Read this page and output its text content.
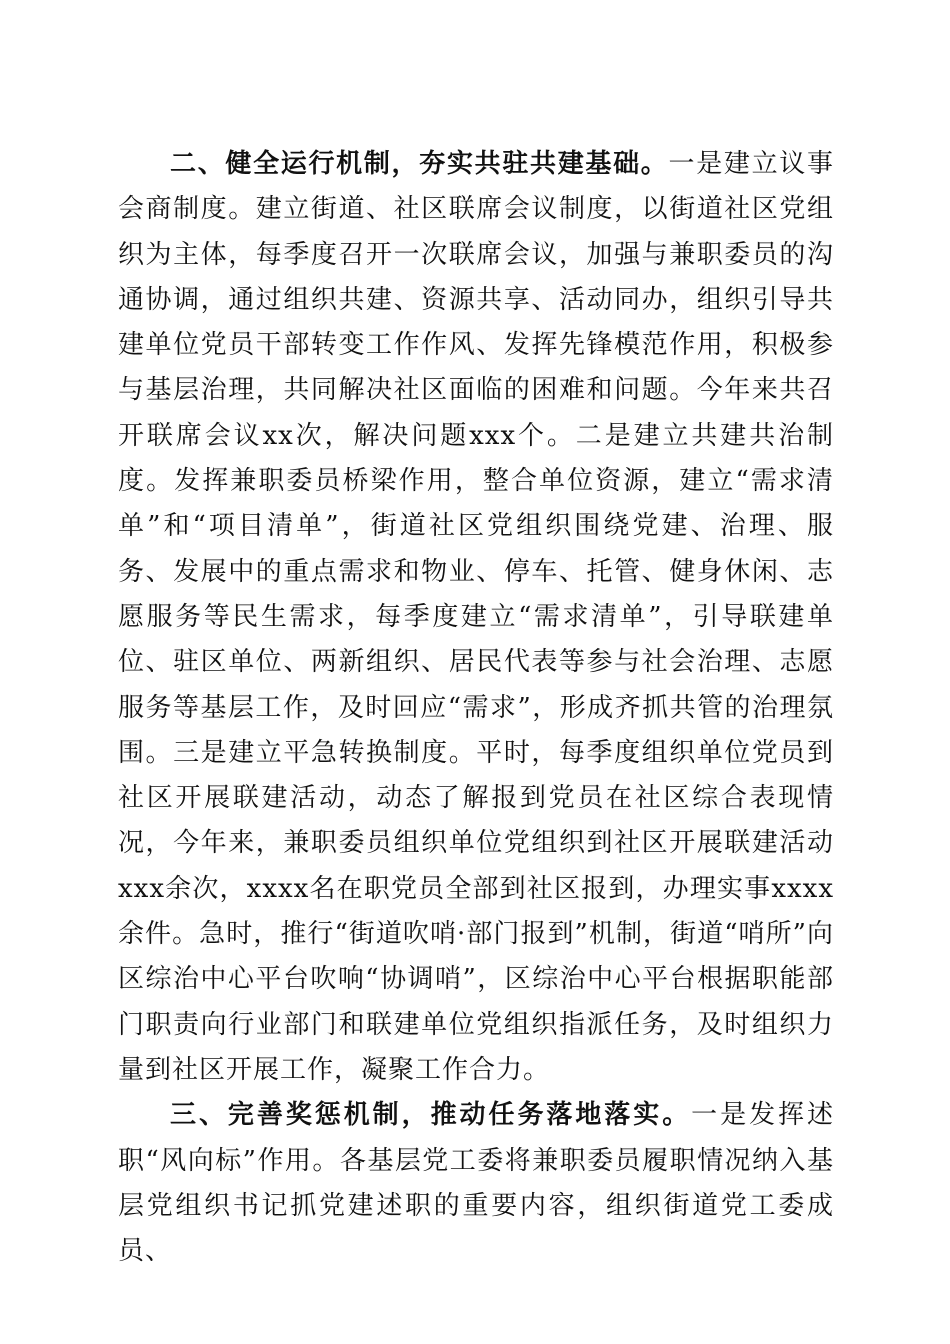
二、健全运行机制，夯实共驻共建基础。一是建立议事会商制度。建立街道、社区联席会议制度，以街道社区党组织为主体，每季度召开一次联席会议，加强与兼职委员的沟通协调，通过组织共建、资源共享、活动同办，组织引导共建单位党员干部转变工作作风、发挥先锋模范作用，积极参与基层治理，共同解决社区面临的困难和问题。今年来共召开联席会议xx次，解决问题xxx个。二是建立共建共治制度。发挥兼职委员桥梁作用，整合单位资源，建立“需求清单”和“项目清单”，街道社区党组织围绕党建、治理、服务、发展中的重点需求和物业、停车、托管、健身休闲、志愿服务等民生需求，每季度建立“需求清单”，引导联建单位、驻区单位、两新组织、居民代表等参与社会治理、志愿服务等基层工作，及时回应“需求”，形成齐抓共管的治理氛围。三是建立平急转换制度。平时，每季度组织单位党员到社区开展联建活动，动态了解报到党员在社区综合表现情况，今年来，兼职委员组织单位党组织到社区开展联建活动xxx余次，xxxx名在职党员全部到社区报到，办理实事xxxx余件。急时，推行“街道吹哨·部门报到”机制，街道“哨所”向区综治中心平台吹响“协调哨”，区综治中心平台根据职能部门职责向行业部门和联建单位党组织指派任务，及时组织力量到社区开展工作，凝聚工作合力。

三、完善奖惩机制，推动任务落地落实。一是发挥述职“风向标”作用。各基层党工委将兼职委员履职情况纳入基层党组织书记抓党建述职的重要内容，组织街道党工委成员、
